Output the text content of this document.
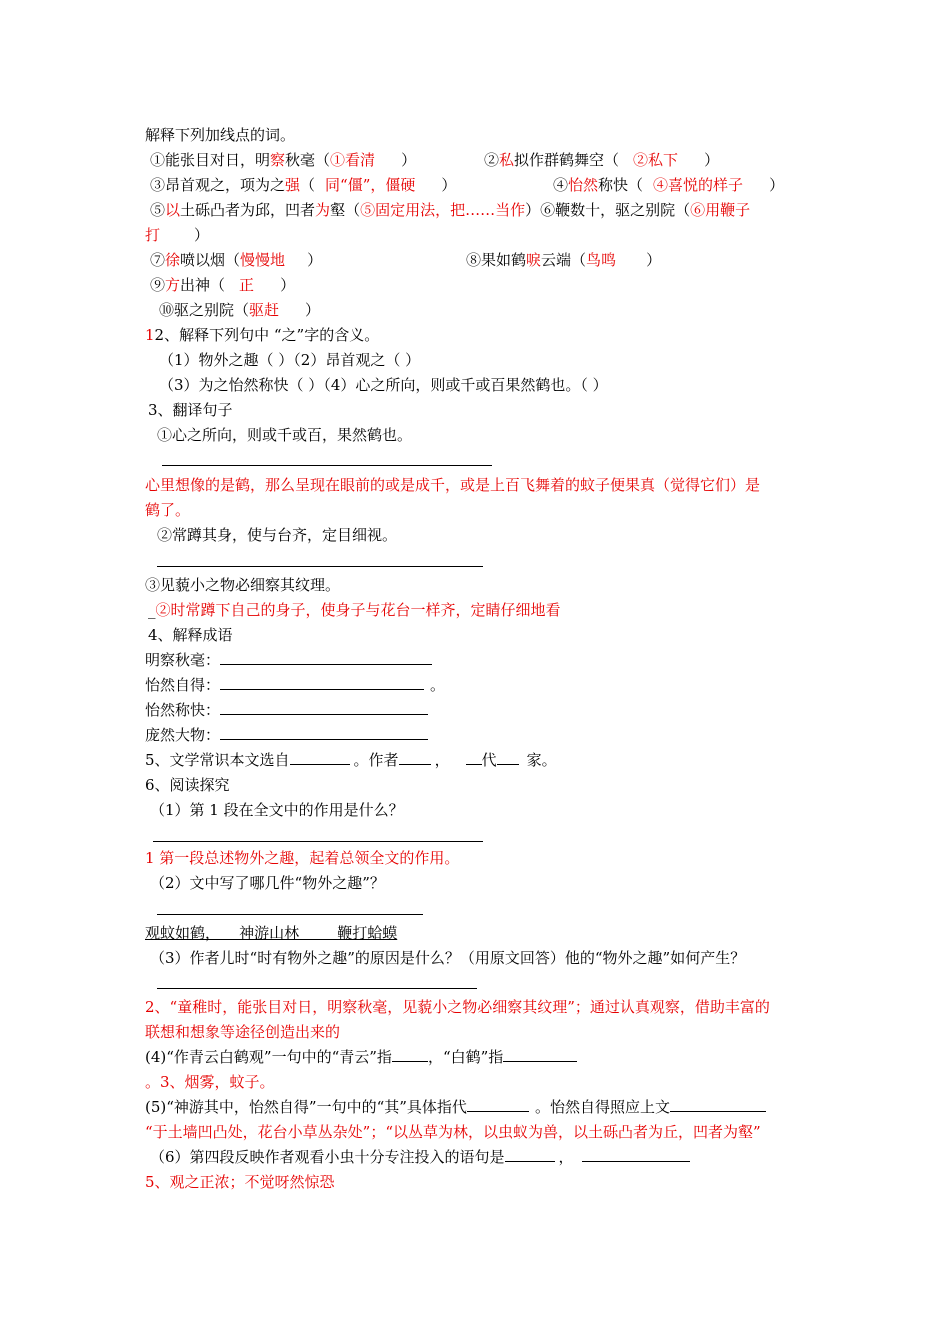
解释下列加线点的词。
①能张目对日，明察秋毫（①看清 ）	②私拟作群鹤舞空（ ②私下 ）
③昂首观之，项为之强（ 同“僵”，僵硬 ）	④怡然称快（ ④喜悦的样子 ）
⑤以土砾凸者为邱，凹者为壑（⑤固定用法，把……当作）⑥鞭数十，驱之别院（⑥用鞭子
打 ）
⑦徐喷以烟（慢慢地 ）	⑧果如鹤唳云端（鸟鸣 ）
⑨方出神（ 正 ）
⑩驱之别院（驱赶 ）
12、解释下列句中 “之”字的含义。
（1）物外之趣（ ）（2）昂首观之（ ）
（3）为之怡然称快（ ）（4）心之所向，则或千或百果然鹤也。（ ）
3、翻译句子
①心之所向，则或千或百，果然鹤也。
心里想像的是鹤，那么呈现在眼前的或是成千，或是上百飞舞着的蚊子便果真（觉得它们）是
鹤了。
②常蹲其身，使与台齐，定目细视。
③见藐小之物必细察其纹理。
_②时常蹲下自己的身子，使身子与花台一样齐，定睛仔细地看
4、解释成语
明察秋毫：
怡然自得：	。
怡然称快：
庞然大物：
5、文学常识本文选自	。作者 ， 代 家。
6、阅读探究
（1）第 1 段在全文中的作用是什么？
1 第一段总述物外之趣，起着总领全文的作用。
（2）文中写了哪几件“物外之趣”？
观蚊如鹤，    神游山林        鞭打蛤蟆
（3）作者儿时“时有物外之趣”的原因是什么？（用原文回答）他的“物外之趣”如何产生？
2、“童稚时，能张目对日，明察秋毫，见藐小之物必细察其纹理”；通过认真观察，借助丰富的
联想和想象等途径创造出来的
(4)“作青云白鹤观”一句中的“青云”指 ，“白鹤”指
。3、烟雾，蚊子。
(5)“神游其中，怡然自得”一句中的“其”具体指代	。怡然自得照应上文
“于土墙凹凸处，花台小草丛杂处”；“以丛草为林，以虫蚁为兽，以土砾凸者为丘，凹者为壑”
（6）第四段反映作者观看小虫十分专注投入的语句是	，
5、观之正浓；不觉呀然惊恐
